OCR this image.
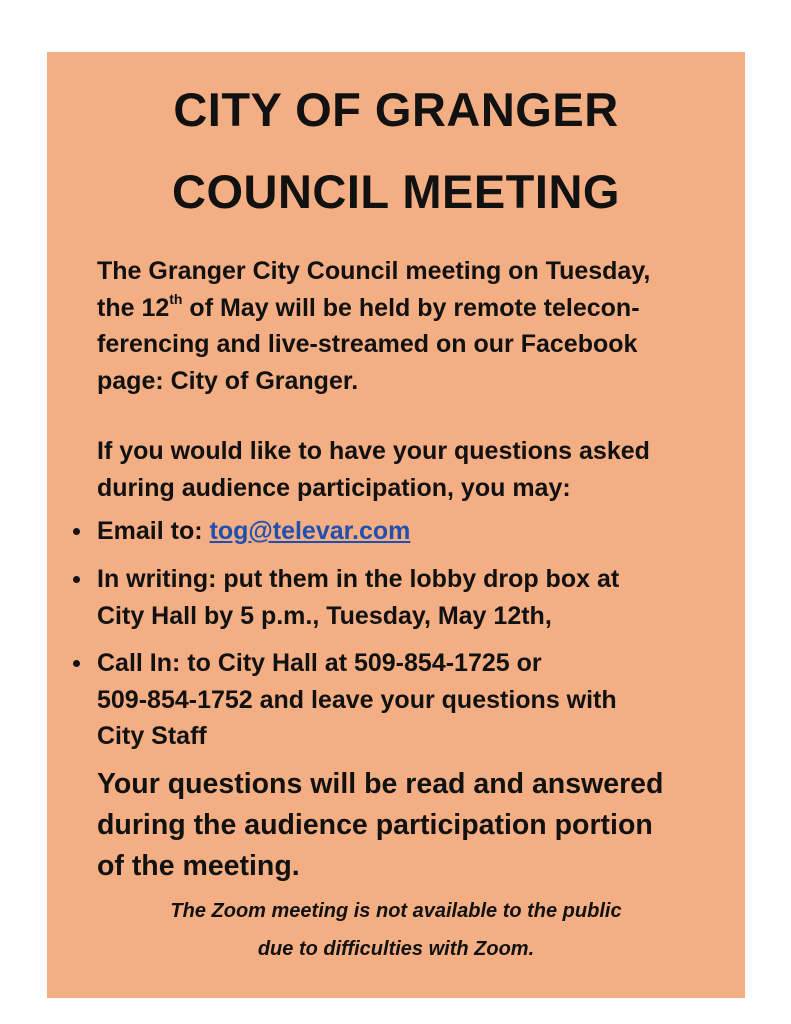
CITY OF GRANGER
COUNCIL MEETING
The Granger City Council meeting on Tuesday,
the 12th of May will be held by remote telecon-
ferencing and live-streamed on our Facebook
page: City of Granger.
If you would like to have your questions asked
during audience participation, you may:
Email to: tog@televar.com
In writing: put them in the lobby drop box at
City Hall by 5 p.m., Tuesday, May 12th,
Call In: to City Hall at 509-854-1725 or
509-854-1752 and leave your questions with
City Staff
Your questions will be read and answered
during the audience participation portion
of the meeting.
The Zoom meeting is not available to the public
due to difficulties with Zoom.
